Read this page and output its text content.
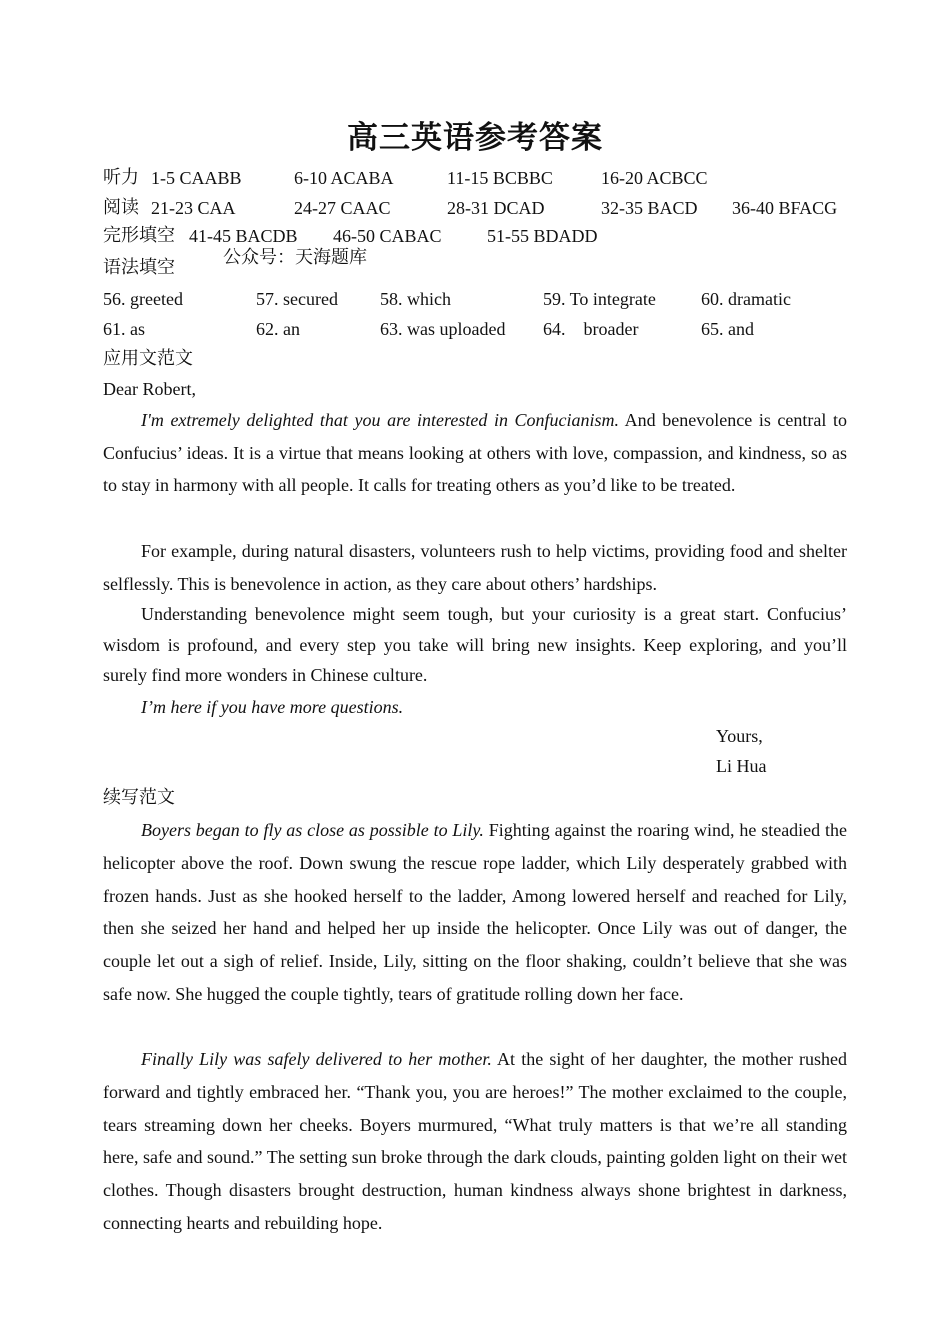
高三英语参考答案
听力 1-5 CAABB	6-10 ACABA	11-15 BCBBC	16-20 ACBCC
阅读 21-23 CAA	24-27 CAAC	28-31 DCAD	32-35 BACD 36-40 BFACG
完形填空 41-45 BACDB 46-50 CABAC	51-55 BDADD
语法填空	公众号：天海题库
56. greeted	57. secured 58. which	59. To integrate	60. dramatic
61. as	62. an	63. was uploaded 64.    broader	65. and
应用文范文
Dear Robert,
I'm extremely delighted that you are interested in Confucianism. And benevolence is central to Confucius’ ideas. It is a virtue that means looking at others with love, compassion, and kindness, so as to stay in harmony with all people. It calls for treating others as you’d like to be treated.
For example, during natural disasters, volunteers rush to help victims, providing food and shelter selflessly. This is benevolence in action, as they care about others’ hardships.
Understanding benevolence might seem tough, but your curiosity is a great start. Confucius’ wisdom is profound, and every step you take will bring new insights. Keep exploring, and you’ll surely find more wonders in Chinese culture.
I’m here if you have more questions.
Yours,
Li Hua
续写范文
Boyers began to fly as close as possible to Lily. Fighting against the roaring wind, he steadied the helicopter above the roof. Down swung the rescue rope ladder, which Lily desperately grabbed with frozen hands. Just as she hooked herself to the ladder, Among lowered herself and reached for Lily, then she seized her hand and helped her up inside the helicopter. Once Lily was out of danger, the couple let out a sigh of relief. Inside, Lily, sitting on the floor shaking, couldn’t believe that she was safe now. She hugged the couple tightly, tears of gratitude rolling down her face.
Finally Lily was safely delivered to her mother. At the sight of her daughter, the mother rushed forward and tightly embraced her. “Thank you, you are heroes!” The mother exclaimed to the couple, tears streaming down her cheeks. Boyers murmured, “What truly matters is that we’re all standing here, safe and sound.” The setting sun broke through the dark clouds, painting golden light on their wet clothes. Though disasters brought destruction, human kindness always shone brightest in darkness, connecting hearts and rebuilding hope.
